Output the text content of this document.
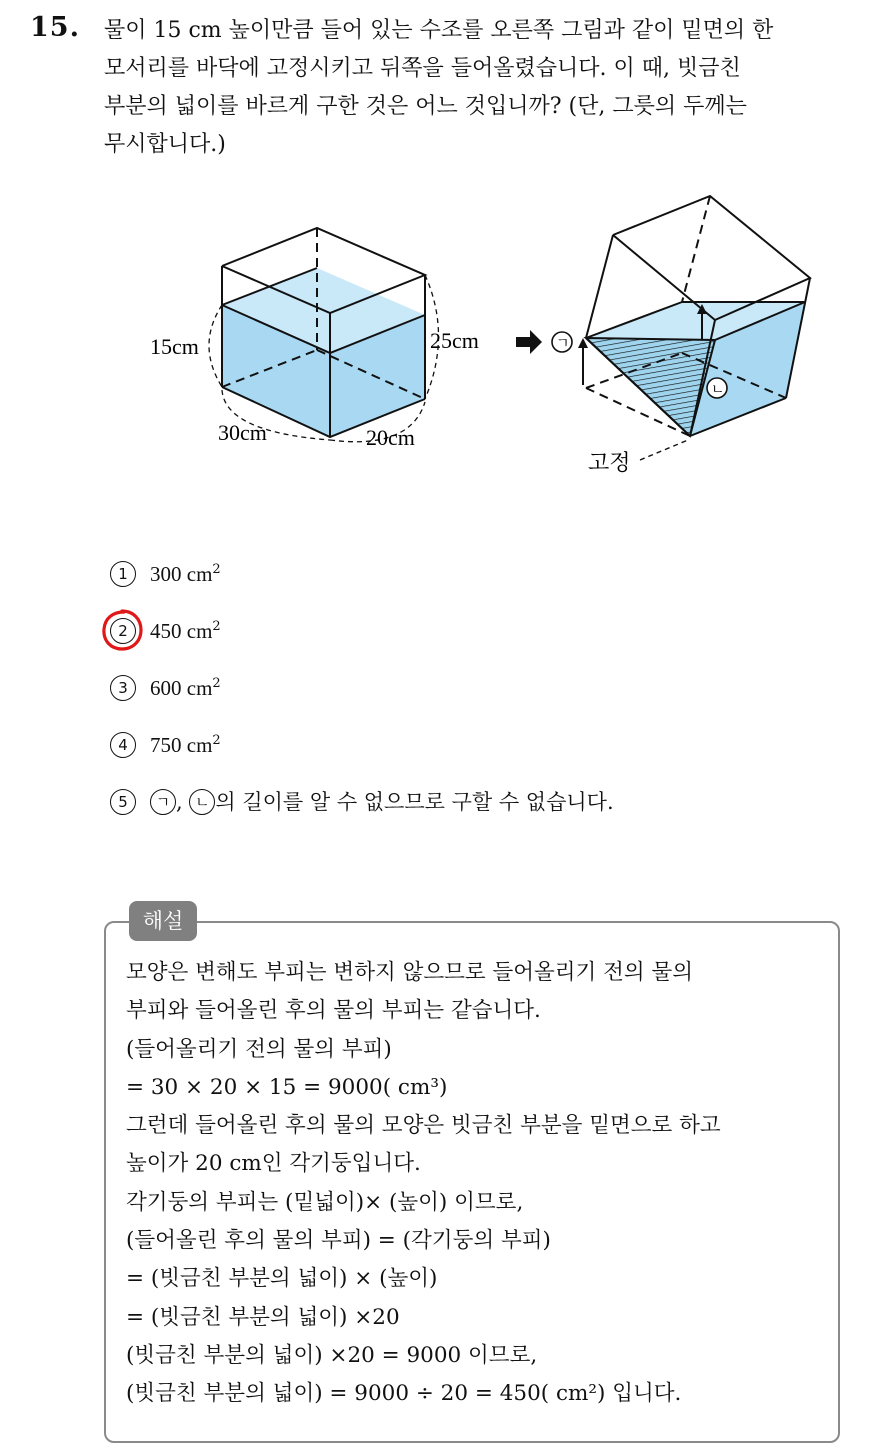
15. 물이 15 cm 높이만큼 들어 있는 수조를 오른쪽 그림과 같이 밑면의 한
모서리를 바닥에 고정시키고 뒤쪽을 들어올렸습니다. 이 때, 빗금친
부분의 넓이를 바르게 구한 것은 어느 것입니까? (단, 그릇의 두께는
무시합니다.)
15cm	25cm
30cm	20cm
ㄱ
ㄴ
고정
1 300 $cm^2$
2 450 $cm^2$
3 600 $cm^2$
4 750 $cm^2$
5 ㄱ , ㄴ 의 길이를 알 수 없으므로 구할 수 없습니다.
해설
모양은 변해도 부피는 변하지 않으므로 들어올리기 전의 물의
부피와 들어올린 후의 물의 부피는 같습니다.
(들어올리기 전의 물의 부피)
= 30 × 20 × 15 = 9000( cm³)
그런데 들어올린 후의 물의 모양은 빗금친 부분을 밑면으로 하고
높이가 20 cm인 각기둥입니다.
각기둥의 부피는 (밑넓이)× (높이) 이므로,
(들어올린 후의 물의 부피) = (각기둥의 부피)
= (빗금친 부분의 넓이) × (높이)
= (빗금친 부분의 넓이) ×20
(빗금친 부분의 넓이) ×20 = 9000 이므로,
(빗금친 부분의 넓이) = 9000 ÷ 20 = 450( cm²) 입니다.
